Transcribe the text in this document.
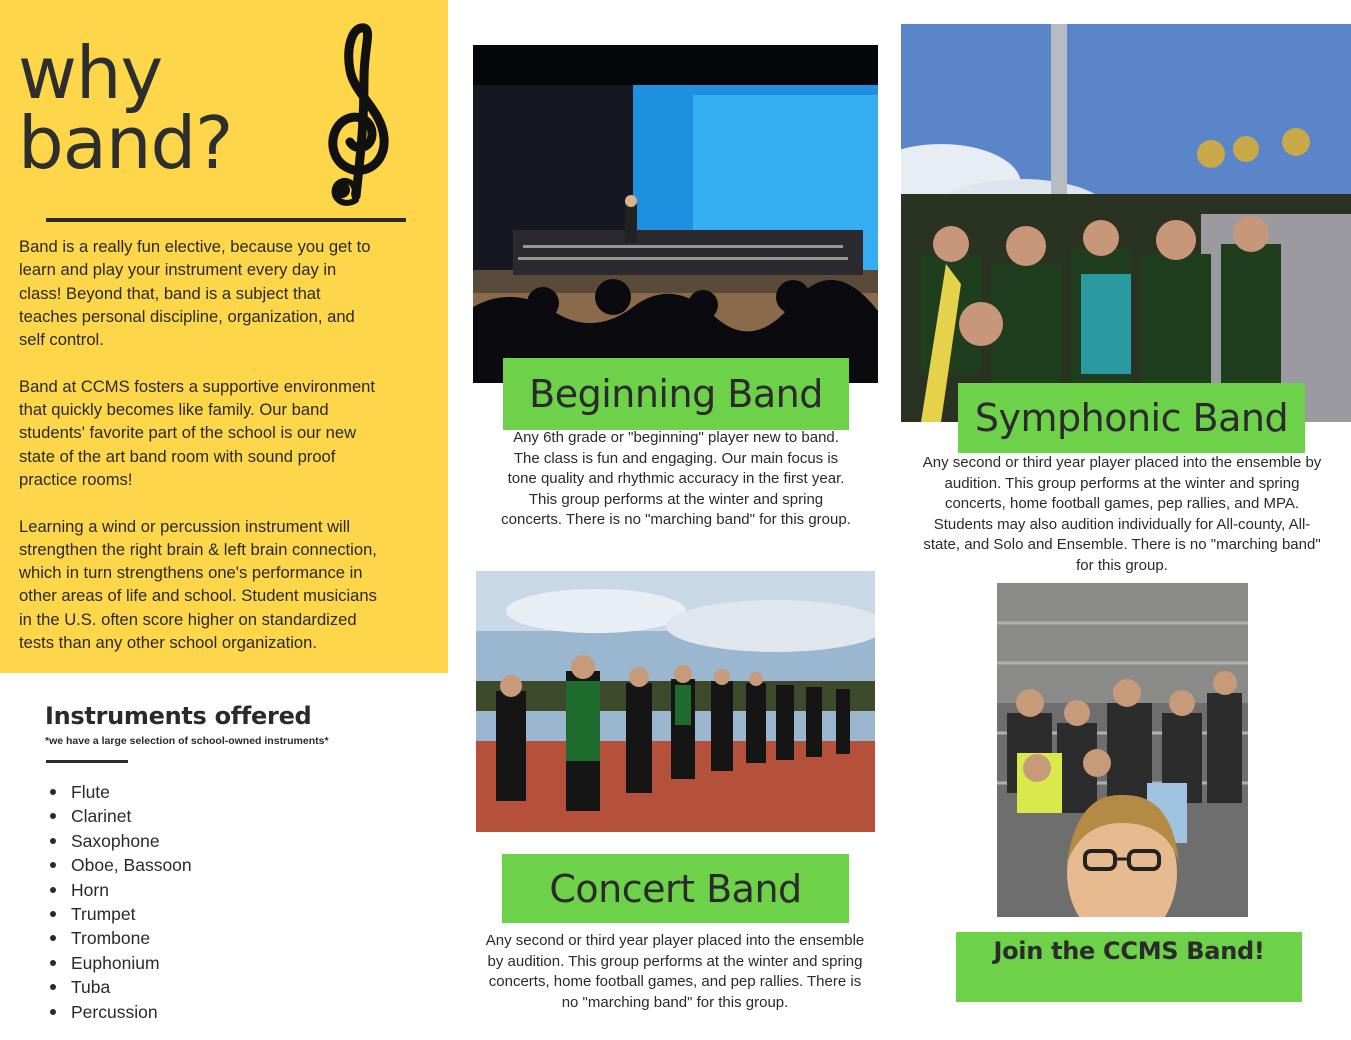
why
band?

Band is a really fun elective, because you get to learn and play your instrument every day in class! Beyond that, band is a subject that teaches personal discipline, organization, and self control.

Band at CCMS fosters a supportive environment that quickly becomes like family. Our band students' favorite part of the school is our new state of the art band room with sound proof practice rooms!

Learning a wind or percussion instrument will strengthen the right brain & left brain connection, which in turn strengthens one's performance in other areas of life and school. Student musicians in the U.S. often score higher on standardized tests than any other school organization.

Instruments offered
*we have a large selection of school-owned instruments*
Flute
Clarinet
Saxophone
Oboe, Bassoon
Horn
Trumpet
Trombone
Euphonium
Tuba
Percussion
Beginning Band
Any 6th grade or "beginning" player new to band. The class is fun and engaging. Our main focus is tone quality and rhythmic accuracy in the first year. This group performs at the winter and spring concerts. There is no "marching band" for this group.
Concert Band
Any second or third year player placed into the ensemble by audition. This group performs at the winter and spring concerts, home football games, and pep rallies. There is no "marching band" for this group.
Symphonic Band
Any second or third year player placed into the ensemble by audition. This group performs at the winter and spring concerts, home football games, pep rallies, and MPA. Students may also audition individually for All-county, All-state, and Solo and Ensemble. There is no "marching band" for this group.
Join the CCMS Band!
